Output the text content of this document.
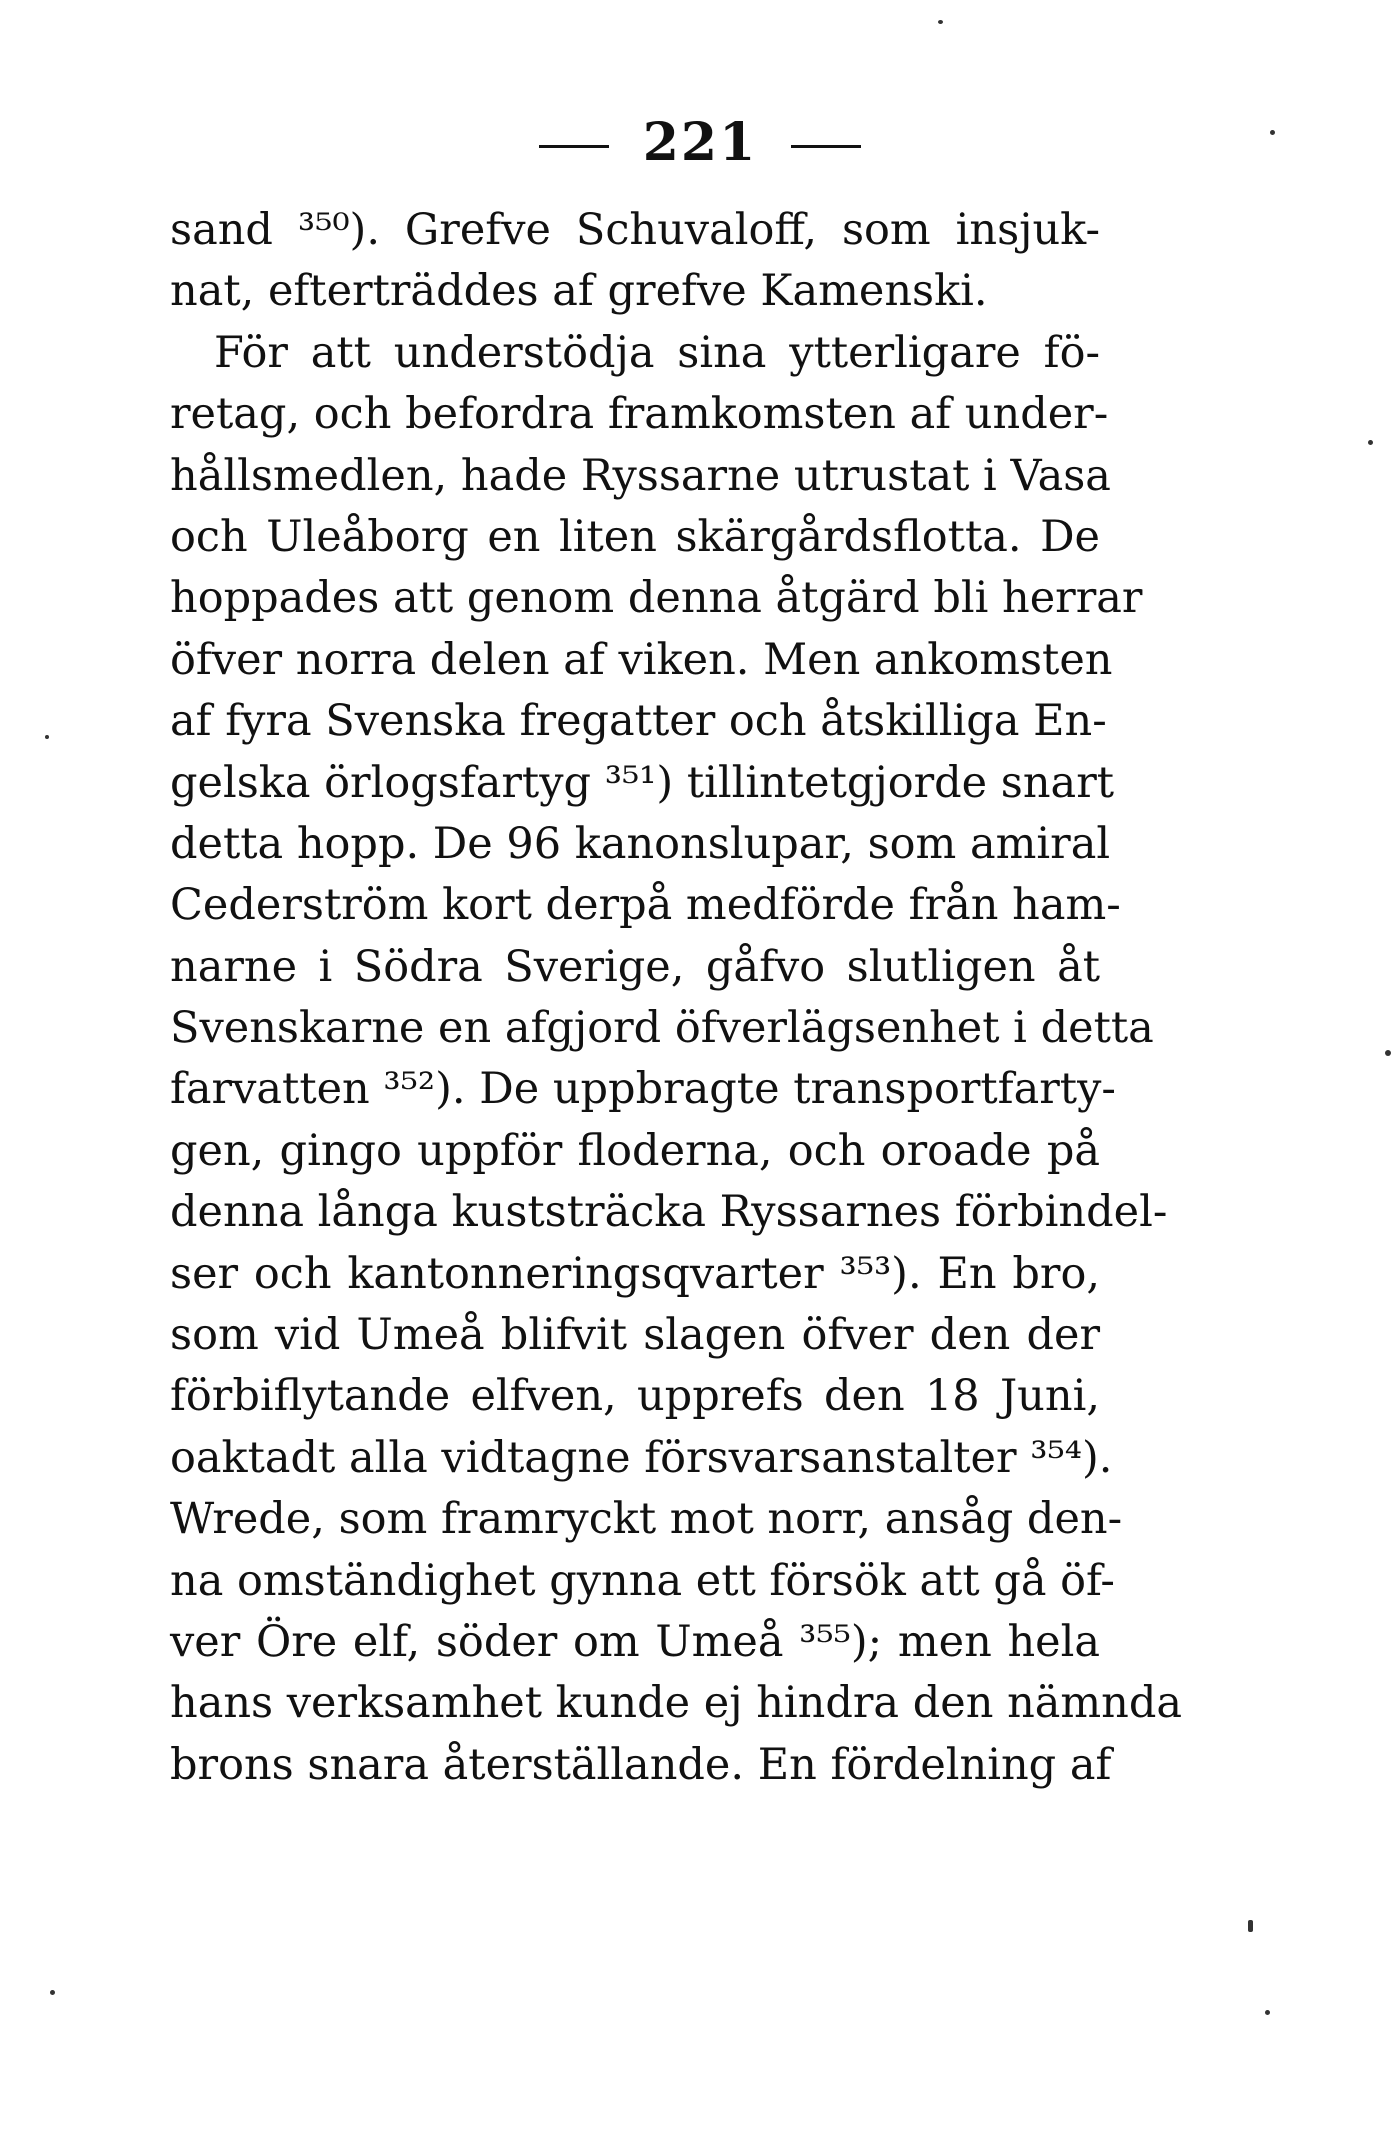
221
sand ³⁵⁰). Grefve Schuvaloff, som insjuk-
nat, efterträddes af grefve Kamenski.
För att understödja sina ytterligare fö-
retag, och befordra framkomsten af under-
hållsmedlen, hade Ryssarne utrustat i Vasa
och Uleåborg en liten skärgårdsflotta. De
hoppades att genom denna åtgärd bli herrar
öfver norra delen af viken. Men ankomsten
af fyra Svenska fregatter och åtskilliga En-
gelska örlogsfartyg ³⁵¹) tillintetgjorde snart
detta hopp. De 96 kanonslupar, som amiral
Cederström kort derpå medförde från ham-
narne i Södra Sverige, gåfvo slutligen åt
Svenskarne en afgjord öfverlägsenhet i detta
farvatten ³⁵²). De uppbragte transportfarty-
gen, gingo uppför floderna, och oroade på
denna långa kuststräcka Ryssarnes förbindel-
ser och kantonneringsqvarter ³⁵³). En bro,
som vid Umeå blifvit slagen öfver den der
förbiflytande elfven, upprefs den 18 Juni,
oaktadt alla vidtagne försvarsanstalter ³⁵⁴).
Wrede, som framryckt mot norr, ansåg den-
na omständighet gynna ett försök att gå öf-
ver Öre elf, söder om Umeå ³⁵⁵); men hela
hans verksamhet kunde ej hindra den nämnda
brons snara återställande. En fördelning af
